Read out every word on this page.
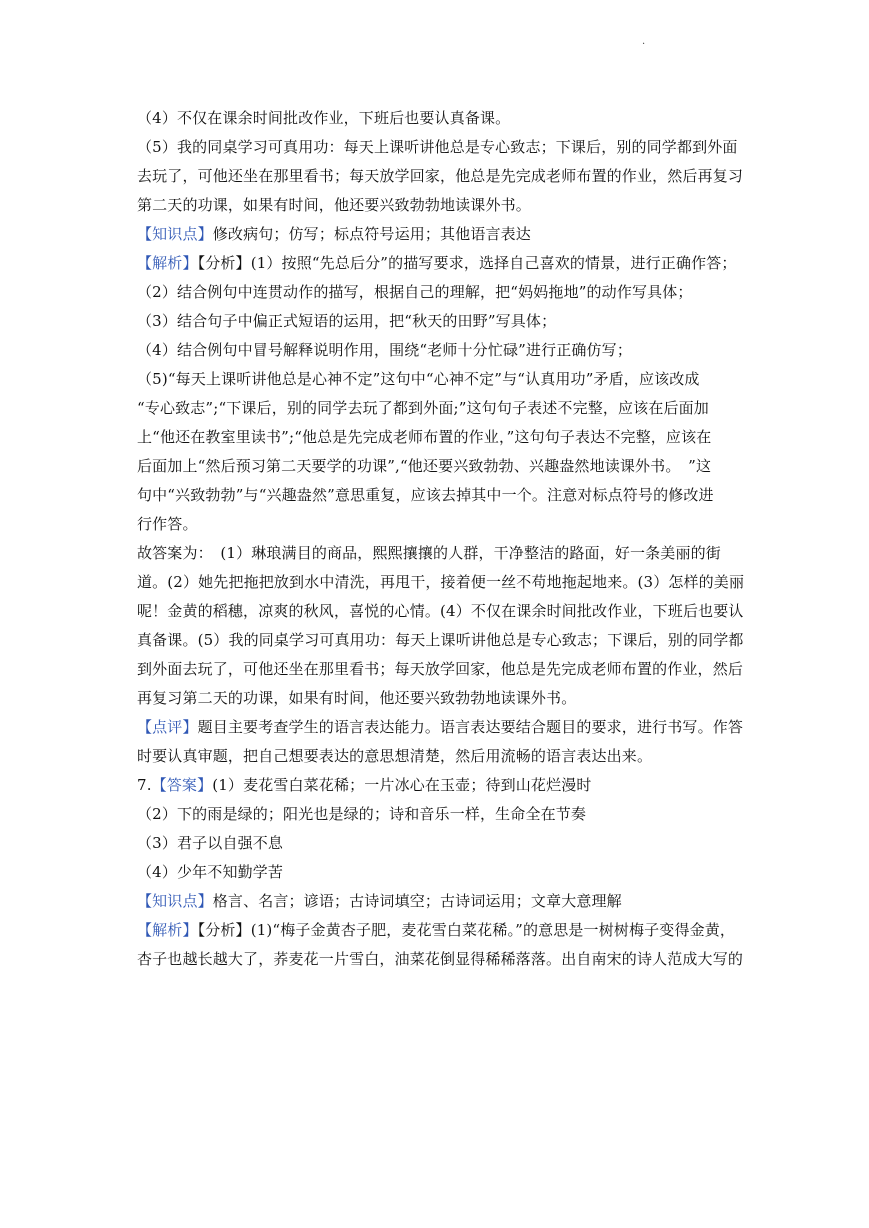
.
（4）不仅在课余时间批改作业，下班后也要认真备课。
（5）我的同桌学习可真用功：每天上课听讲他总是专心致志；下课后，别的同学都到外面
去玩了，可他还坐在那里看书；每天放学回家，他总是先完成老师布置的作业，然后再复习
第二天的功课，如果有时间，他还要兴致勃勃地读课外书。
【知识点】修改病句；仿写；标点符号运用；其他语言表达
【解析】【分析】(1）按照“先总后分”的描写要求，选择自己喜欢的情景，进行正确作答；
（2）结合例句中连贯动作的描写，根据自己的理解，把“妈妈拖地”的动作写具体；
（3）结合句子中偏正式短语的运用，把“秋天的田野”写具体；
（4）结合例句中冒号解释说明作用，围绕“老师十分忙碌”进行正确仿写；
（5)“每天上课听讲他总是心神不定”这句中“心神不定”与“认真用功”矛盾，应该改成
“专心致志”;“下课后，别的同学去玩了都到外面;”这句句子表述不完整，应该在后面加
上“他还在教室里读书”;“他总是先完成老师布置的作业，”这句句子表达不完整，应该在
后面加上“然后预习第二天要学的功课”,“他还要兴致勃勃、兴趣盎然地读课外书。　”这
句中“兴致勃勃”与“兴趣盎然”意思重复，应该去掉其中一个。注意对标点符号的修改进
行作答。
故答案为：　(1）琳琅满目的商品，熙熙攘攘的人群，干净整洁的路面，好一条美丽的街
道。(2）她先把拖把放到水中清洗，再甩干，接着便一丝不苟地拖起地来。(3）怎样的美丽
呢！金黄的稻穗，凉爽的秋风，喜悦的心情。(4）不仅在课余时间批改作业，下班后也要认
真备课。(5）我的同桌学习可真用功：每天上课听讲他总是专心致志；下课后，别的同学都
到外面去玩了，可他还坐在那里看书；每天放学回家，他总是先完成老师布置的作业，然后
再复习第二天的功课，如果有时间，他还要兴致勃勃地读课外书。
【点评】题目主要考查学生的语言表达能力。语言表达要结合题目的要求，进行书写。作答
时要认真审题，把自己想要表达的意思想清楚，然后用流畅的语言表达出来。
7.【答案】(1）麦花雪白菜花稀；一片冰心在玉壶；待到山花烂漫时
（2）下的雨是绿的；阳光也是绿的；诗和音乐一样，生命全在节奏
（3）君子以自强不息
（4）少年不知勤学苦
【知识点】格言、名言；谚语；古诗词填空；古诗词运用；文章大意理解
【解析】【分析】(1)“梅子金黄杏子肥，麦花雪白菜花稀。”的意思是一树树梅子变得金黄，
杏子也越长越大了，荞麦花一片雪白，油菜花倒显得稀稀落落。出自南宋的诗人范成大写的
